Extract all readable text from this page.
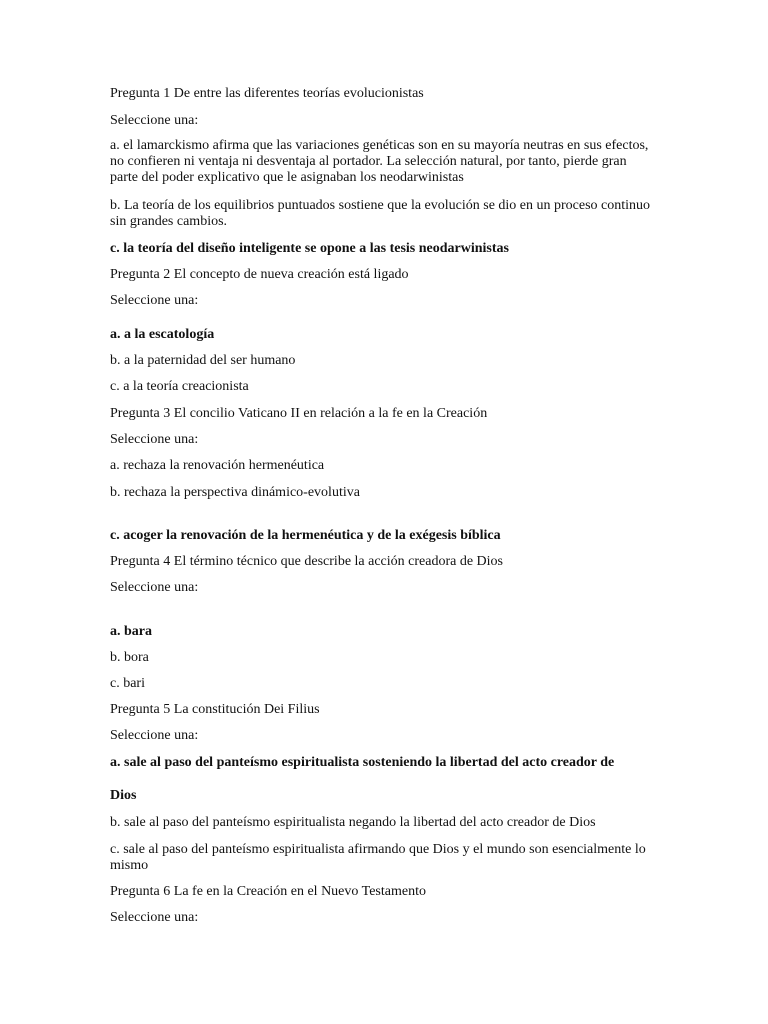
Pregunta 1 De entre las diferentes teorías evolucionistas
Seleccione una:
a. el lamarckismo afirma que las variaciones genéticas son en su mayoría neutras en sus efectos, no confieren ni ventaja ni desventaja al portador. La selección natural, por tanto, pierde gran parte del poder explicativo que le asignaban los neodarwinistas
b. La teoría de los equilibrios puntuados sostiene que la evolución se dio en un proceso continuo sin grandes cambios.
c. la teoría del diseño inteligente se opone a las tesis neodarwinistas
Pregunta 2 El concepto de nueva creación está ligado
Seleccione una:
a. a la escatología
b. a la paternidad del ser humano
c. a la teoría creacionista
Pregunta 3 El concilio Vaticano II en relación a la fe en la Creación
Seleccione una:
a. rechaza la renovación hermenéutica
b. rechaza la perspectiva dinámico-evolutiva
c. acoger la renovación de la hermenéutica y de la exégesis bíblica
Pregunta 4 El término técnico que describe la acción creadora de Dios
Seleccione una:
a. bara
b. bora
c. bari
Pregunta 5 La constitución Dei Filius
Seleccione una:
a. sale al paso del panteísmo espiritualista sosteniendo la libertad del acto creador de
Dios
b. sale al paso del panteísmo espiritualista negando la libertad del acto creador de Dios
c. sale al paso del panteísmo espiritualista afirmando que Dios y el mundo son esencialmente lo mismo
Pregunta 6 La fe en la Creación en el Nuevo Testamento
Seleccione una:
